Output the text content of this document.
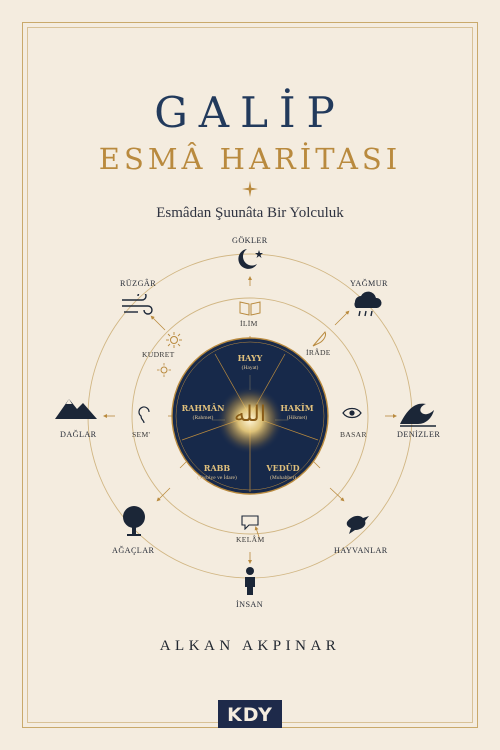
GALİP
ESMÂ HARİTASI
Esmâdan Şuunâta Bir Yolculuk
الله
HAYY
(Hayat)
HAKÎM
(Hikmet)
VEDÛD
(Muhabbet)
RABB
(Terbiye ve İdare)
RAHMÂN
(Rahmet)
GÖKLER
YAĞMUR
DENİZLER
HAYVANLAR
İNSAN
AĞAÇLAR
DAĞLAR
RÜZGÂR
İLİM
İRÂDE
BASAR
KELÂM
SEM'
KUDRET
ALKAN AKPINAR
KDY
